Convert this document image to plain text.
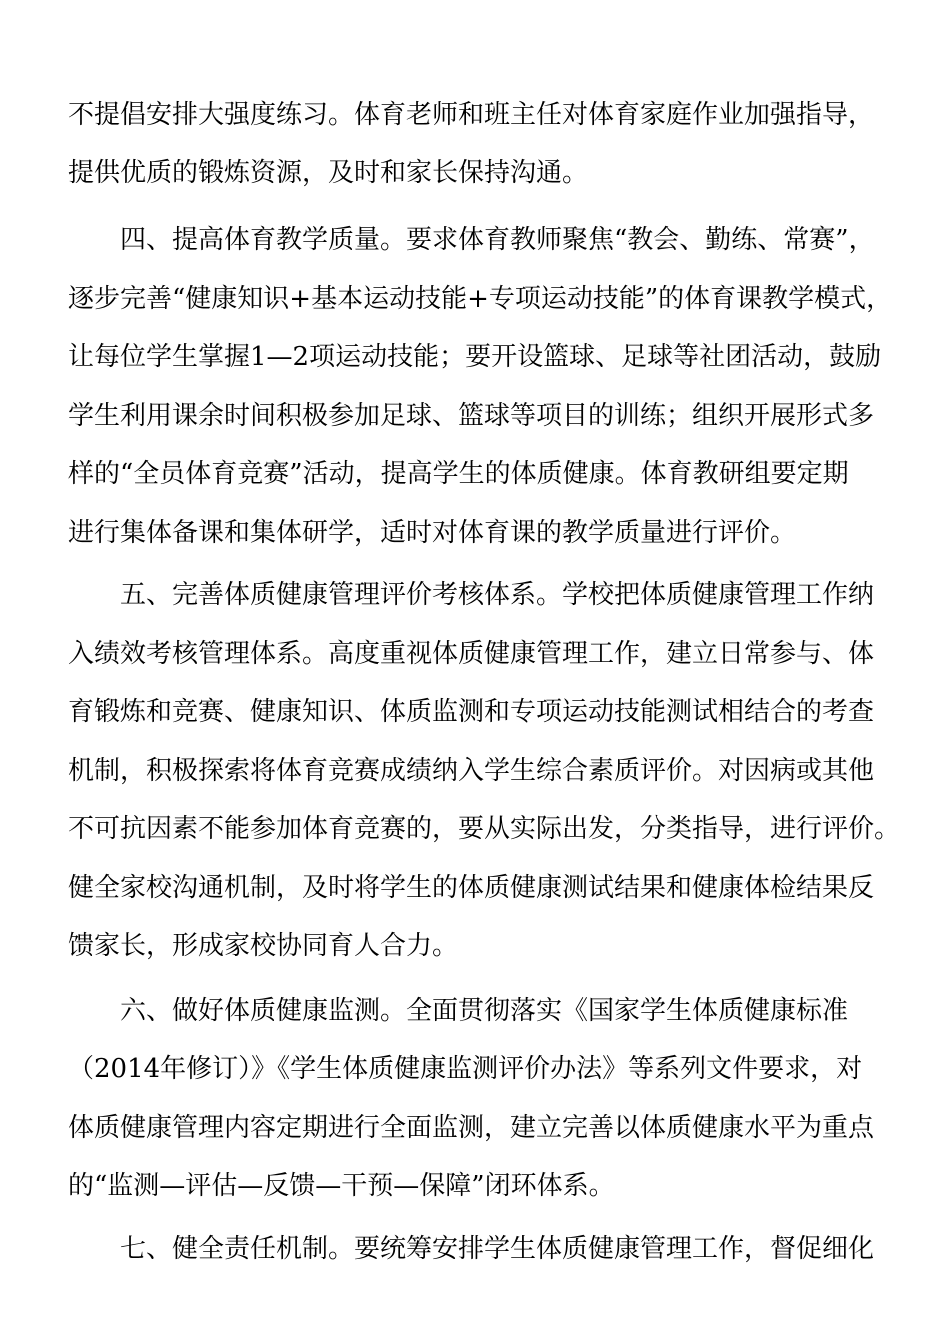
不提倡安排大强度练习。体育老师和班主任对体育家庭作业加强指导，
提供优质的锻炼资源，及时和家长保持沟通。
四、提高体育教学质量。要求体育教师聚焦“教会、勤练、常赛”，
逐步完善“健康知识+基本运动技能+专项运动技能”的体育课教学模式，
让每位学生掌握1—2项运动技能；要开设篮球、足球等社团活动，鼓励
学生利用课余时间积极参加足球、篮球等项目的训练；组织开展形式多
样的“全员体育竞赛”活动，提高学生的体质健康。体育教研组要定期
进行集体备课和集体研学，适时对体育课的教学质量进行评价。
五、完善体质健康管理评价考核体系。学校把体质健康管理工作纳
入绩效考核管理体系。高度重视体质健康管理工作，建立日常参与、体
育锻炼和竞赛、健康知识、体质监测和专项运动技能测试相结合的考查
机制，积极探索将体育竞赛成绩纳入学生综合素质评价。对因病或其他
不可抗因素不能参加体育竞赛的，要从实际出发，分类指导，进行评价。
健全家校沟通机制，及时将学生的体质健康测试结果和健康体检结果反
馈家长，形成家校协同育人合力。
六、做好体质健康监测。全面贯彻落实《国家学生体质健康标准
（2014年修订）》《学生体质健康监测评价办法》等系列文件要求，对
体质健康管理内容定期进行全面监测，建立完善以体质健康水平为重点
的“监测—评估—反馈—干预—保障”闭环体系。
七、健全责任机制。要统筹安排学生体质健康管理工作，督促细化
